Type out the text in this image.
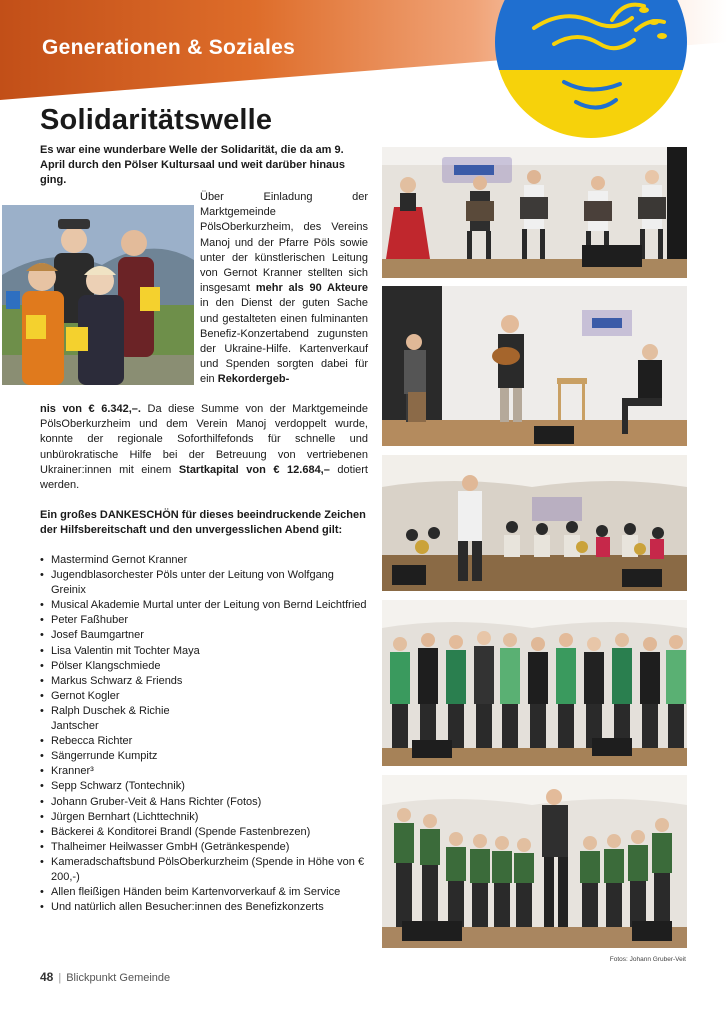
Generationen & Soziales
Solidaritätswelle

Es war eine wunderbare Welle der Solidarität, die da am 9. April durch den Pölser Kultursaal und weit darüber hinaus ging.

Über Einladung der Marktgemeinde PölsOberkurzheim, des Vereins Manoj und der Pfarre Pöls sowie unter der künstlerischen Leitung von Gernot Kranner stellten sich insgesamt mehr als 90 Akteure in den Dienst der guten Sache und gestalteten einen fulminanten Benefiz-Konzertabend zugunsten der Ukraine-Hilfe. Kartenverkauf und Spenden sorgten dabei für ein Rekordergeb-

nis von € 6.342,–. Da diese Summe von der Marktgemeinde PölsOberkurzheim und dem Verein Manoj verdoppelt wurde, konnte der regionale Soforthilfefonds für schnelle und unbürokratische Hilfe bei der Betreuung von vertriebenen Ukrainer:innen mit einem Startkapital von € 12.684,– dotiert werden.

Ein großes DANKESCHÖN für dieses beeindruckende Zeichen der Hilfsbereitschaft und den unvergesslichen Abend gilt:

• Mastermind Gernot Kranner
• Jugendblasorchester Pöls unter der Leitung von Wolfgang Greinix
• Musical Akademie Murtal unter der Leitung von Bernd Leichtfried
• Peter Faßhuber
• Josef Baumgartner
• Lisa Valentin mit Tochter Maya
• Pölser Klangschmiede
• Markus Schwarz & Friends
• Gernot Kogler
• Ralph Duschek & Richie Jantscher
• Rebecca Richter
• Sängerrunde Kumpitz
• Kranner³
• Sepp Schwarz (Tontechnik)
• Johann Gruber-Veit & Hans Richter (Fotos)
• Jürgen Bernhart (Lichttechnik)
• Bäckerei & Konditorei Brandl (Spende Fastenbrezen)
• Thalheimer Heilwasser GmbH (Getränkespende)
• Kameradschaftsbund PölsOberkurzheim (Spende in Höhe von € 200,-)
• Allen fleißigen Händen beim Kartenvorverkauf & im Service
• Und natürlich allen Besucher:innen des Benefizkonzerts

Fotos: Johann Gruber-Veit

48 | Blickpunkt Gemeinde
